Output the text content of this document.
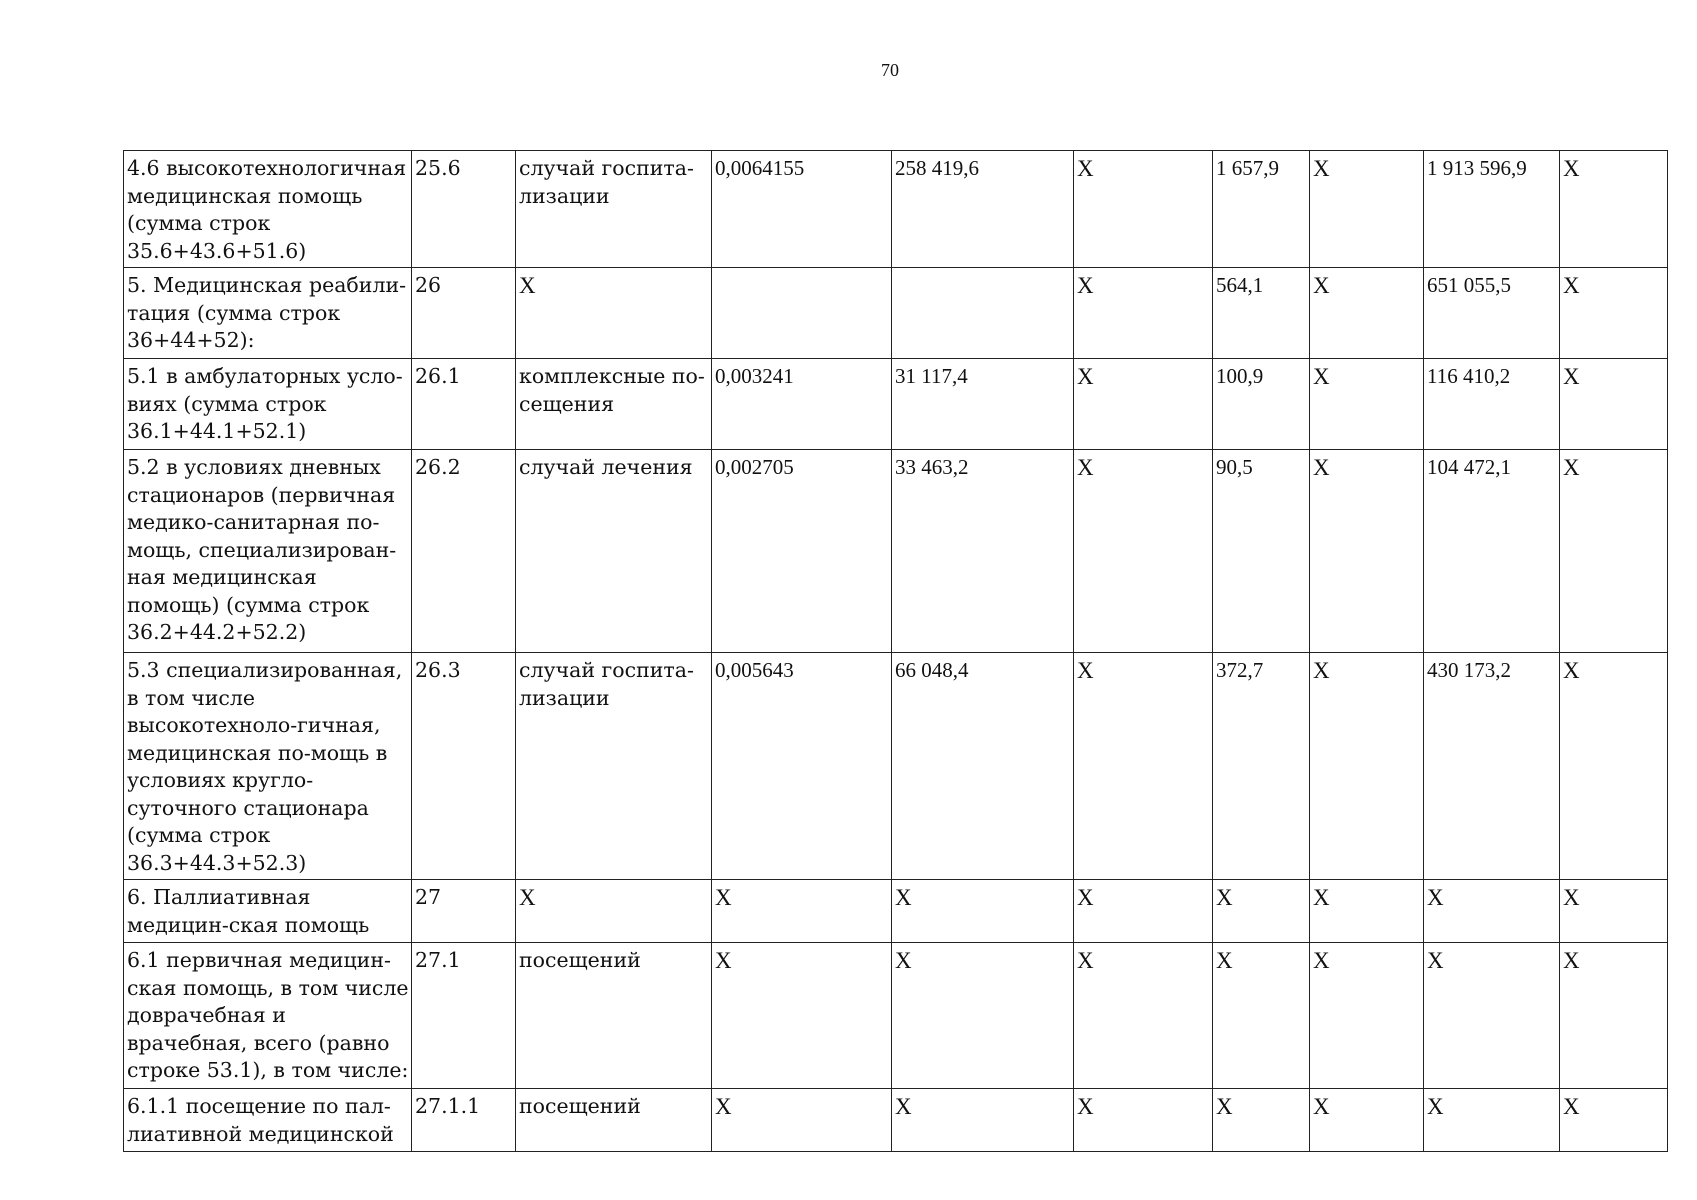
70
4.6 высокотехнологичная медицинская помощь (сумма строк 35.6+43.6+51.6)	25.6	случай госпита-лизации	0,0064155	258 419,6	Х	1 657,9	Х	1 913 596,9	Х
5. Медицинская реабили-тация (сумма строк 36+44+52):	26	Х			Х	564,1	Х	651 055,5	Х
5.1 в амбулаторных усло-виях (сумма строк 36.1+44.1+52.1)	26.1	комплексные по-сещения	0,003241	31 117,4	Х	100,9	Х	116 410,2	Х
5.2 в условиях дневных стационаров (первичная медико-санитарная по-мощь, специализирован-ная медицинская помощь) (сумма строк 36.2+44.2+52.2)	26.2	случай лечения	0,002705	33 463,2	Х	90,5	Х	104 472,1	Х
5.3 специализированная, в том числе высокотехноло-гичная, медицинская по-мощь в условиях кругло-суточного стационара (сумма строк 36.3+44.3+52.3)	26.3	случай госпита-лизации	0,005643	66 048,4	Х	372,7	Х	430 173,2	Х
6. Паллиативная медицин-ская помощь	27	Х	Х	Х	Х	Х	Х	Х	Х
6.1 первичная медицин-ская помощь, в том числе доврачебная и врачебная, всего (равно строке 53.1), в том числе:	27.1	посещений	Х	Х	Х	Х	Х	Х	Х
6.1.1 посещение по пал-лиативной медицинской	27.1.1	посещений	Х	Х	Х	Х	Х	Х	Х
